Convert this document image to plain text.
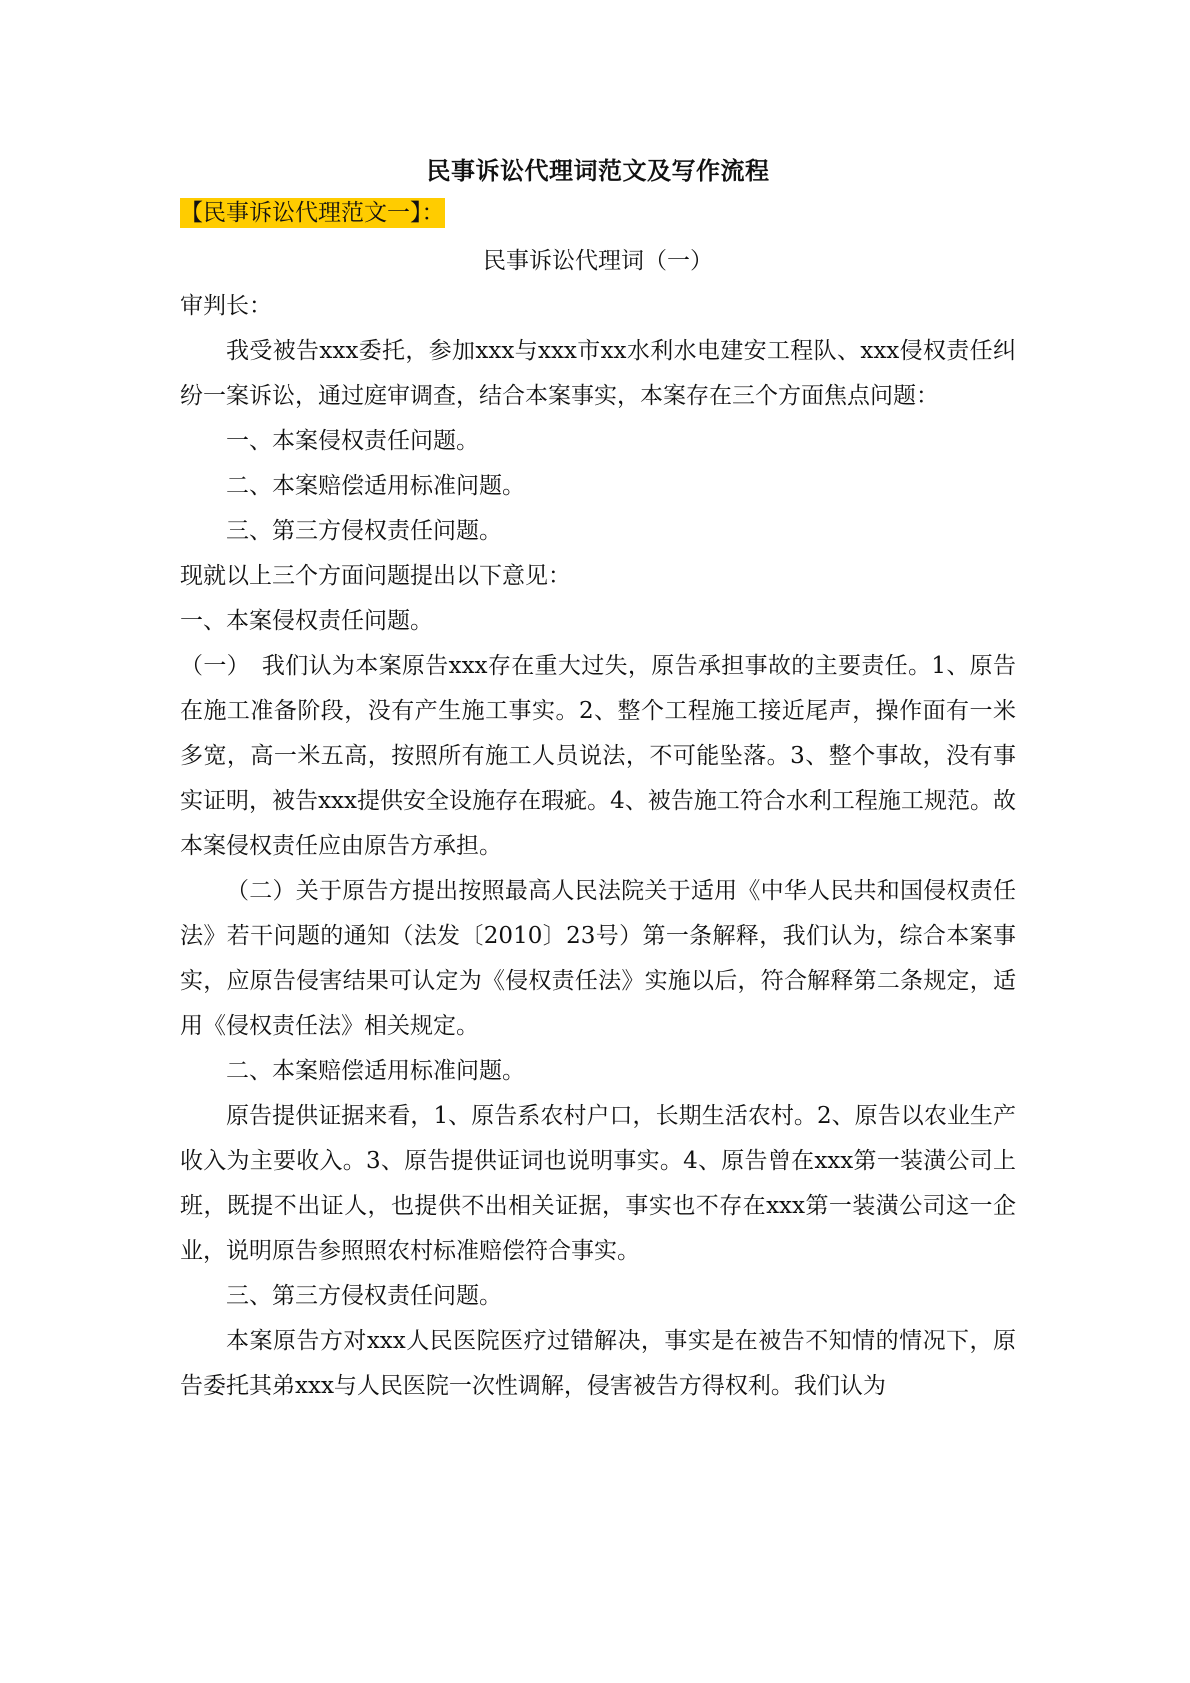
民事诉讼代理词范文及写作流程
【民事诉讼代理范文一】：
民事诉讼代理词（一）

审判长：

我受被告xxx委托，参加xxx与xxx市xx水利水电建安工程队、xxx侵权责任纠纷一案诉讼，通过庭审调查，结合本案事实，本案存在三个方面焦点问题：

一、本案侵权责任问题。

二、本案赔偿适用标准问题。

三、第三方侵权责任问题。

现就以上三个方面问题提出以下意见：

一、本案侵权责任问题。

（一）　我们认为本案原告xxx存在重大过失，原告承担事故的主要责任。1、原告在施工准备阶段，没有产生施工事实。2、整个工程施工接近尾声，操作面有一米多宽，高一米五高，按照所有施工人员说法，不可能坠落。3、整个事故，没有事实证明，被告xxx提供安全设施存在瑕疵。4、被告施工符合水利工程施工规范。故本案侵权责任应由原告方承担。

（二）关于原告方提出按照最高人民法院关于适用《中华人民共和国侵权责任法》若干问题的通知（法发〔2010〕23号）第一条解释，我们认为，综合本案事实，应原告侵害结果可认定为《侵权责任法》实施以后，符合解释第二条规定，适用《侵权责任法》相关规定。

二、本案赔偿适用标准问题。

原告提供证据来看，1、原告系农村户口，长期生活农村。2、原告以农业生产收入为主要收入。3、原告提供证词也说明事实。4、原告曾在xxx第一装潢公司上班，既提不出证人，也提供不出相关证据，事实也不存在xxx第一装潢公司这一企业，说明原告参照照农村标准赔偿符合事实。

三、第三方侵权责任问题。

本案原告方对xxx人民医院医疗过错解决，事实是在被告不知情的情况下，原告委托其弟xxx与人民医院一次性调解，侵害被告方得权利。我们认为
